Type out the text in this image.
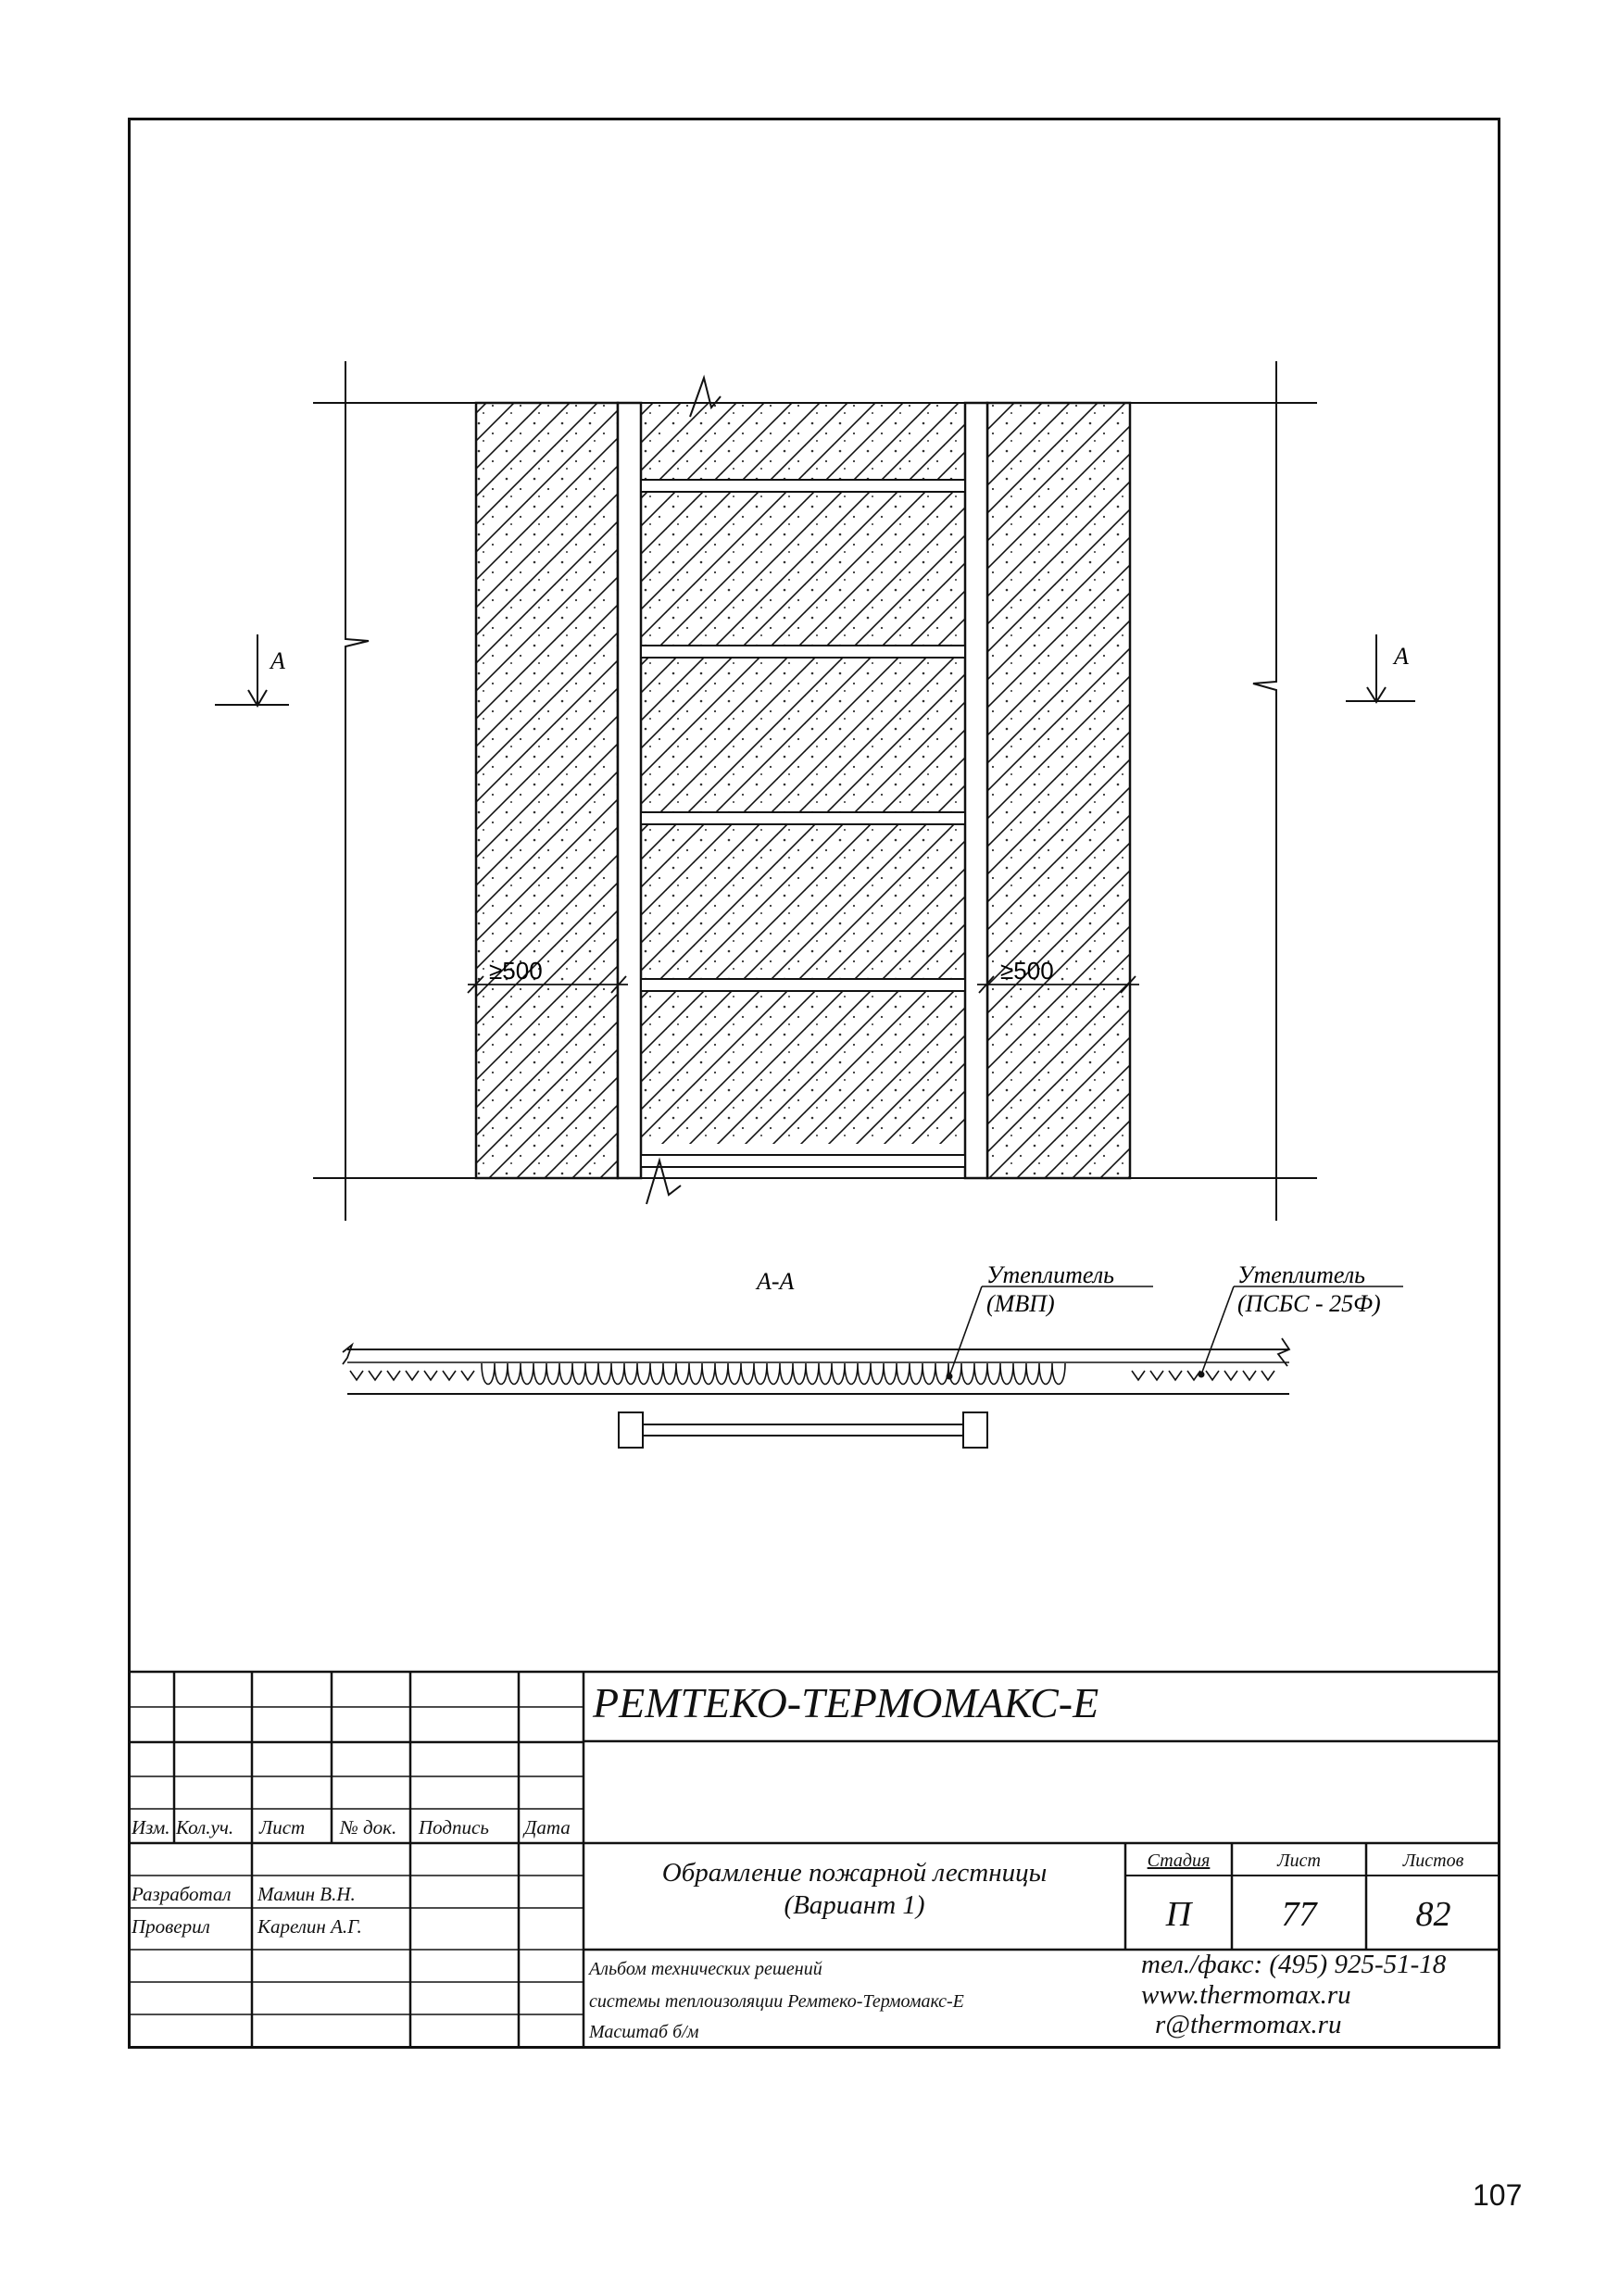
≥500	≥500
A	A
А-А	Утеплитель
(МВП)
Утеплитель
(ПСБС - 25Ф)
РЕМТЕКО-ТЕРМОМАКС-Е
Изм. Кол.уч. Лист № док. Подпись Дата
Разработал Мамин В.Н.
Проверил Карелин А.Г.
Обрамление пожарной лестницы
(Вариант 1)
Стадия	Лист	Листов
П	77	82
Альбом технических решений
системы теплоизоляции Ремтеко-Термомакс-Е
Масштаб б/м
тел./факс: (495) 925-51-18
www.thermomax.ru
r@thermomax.ru
107
